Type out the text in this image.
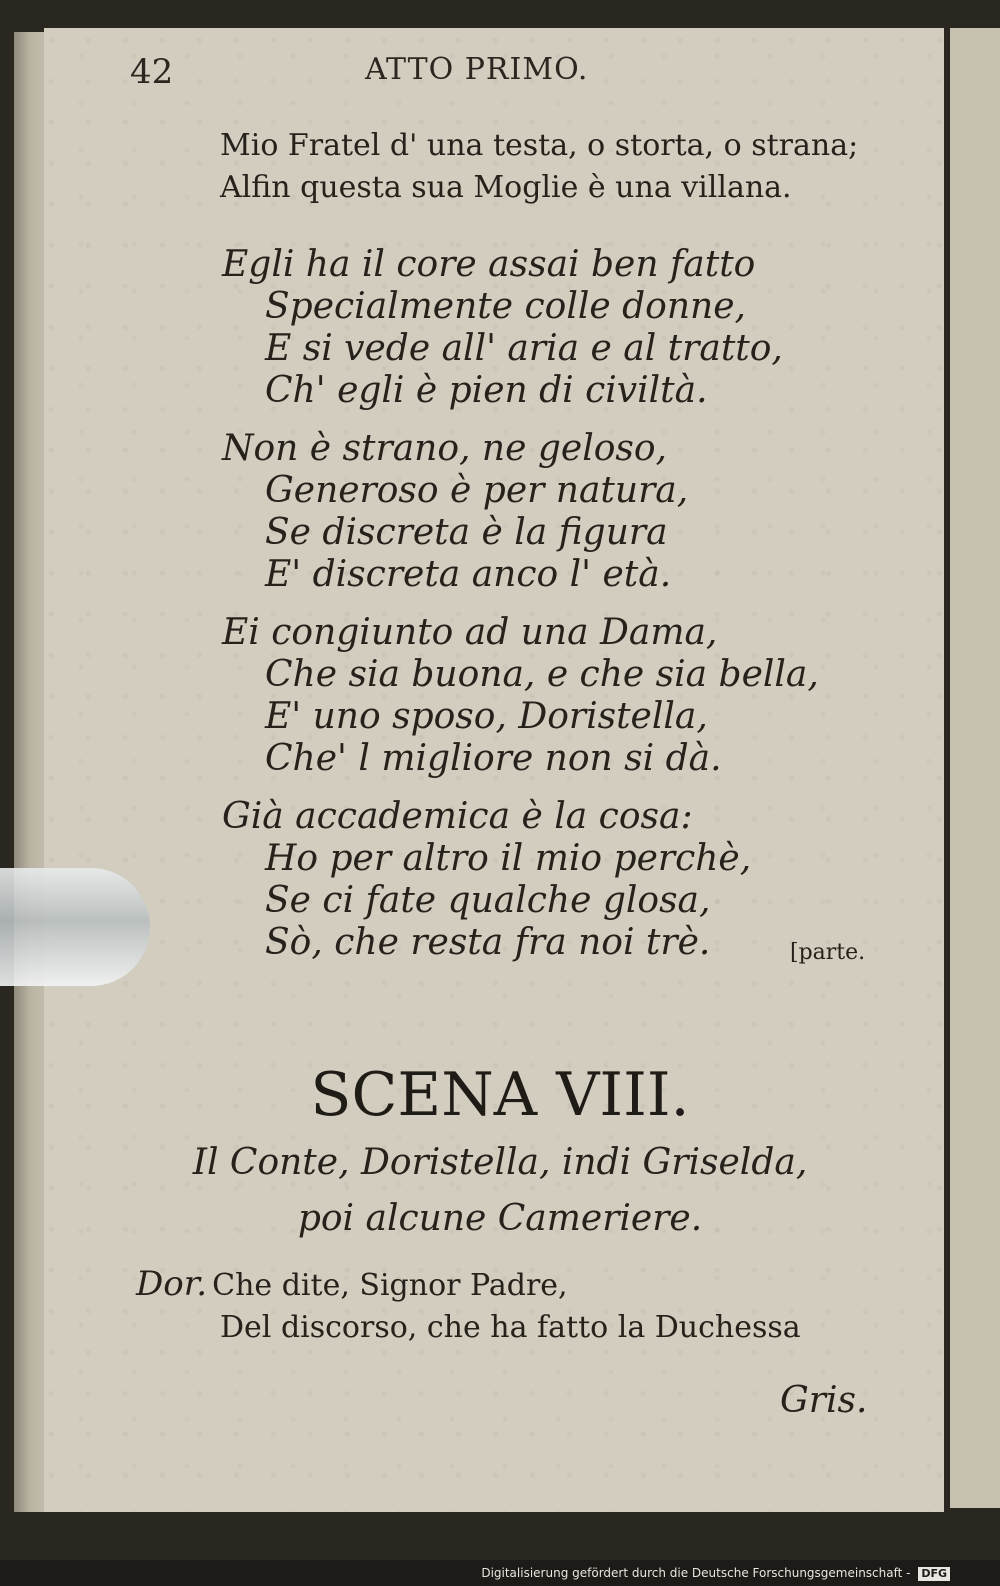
42	ATTO PRIMO.
Mio Fratel d' una testa, o storta, o strana;
Alfin questa sua Moglie è una villana.
Egli ha il core assai ben fatto
Specialmente colle donne,
E si vede all' aria e al tratto,
Ch' egli è pien di civiltà.
Non è strano, ne geloso,
Generoso è per natura,
Se discreta è la figura
E' discreta anco l' età.
Ei congiunto ad una Dama,
Che sia buona, e che sia bella,
E' uno sposo, Doristella,
Che' l migliore non si dà.
Già accademica è la cosa:
Ho per altro il mio perchè,
Se ci fate qualche glosa,
Sò, che resta fra noi trè.	[parte.
SCENA VIII.
Il Conte, Doristella, indi Griselda,
poi alcune Cameriere.
Dor. Che dite, Signor Padre,
Del discorso, che ha fatto la Duchessa
Gris.
Digitalisierung gefördert durch die Deutsche Forschungsgemeinschaft - DFG
